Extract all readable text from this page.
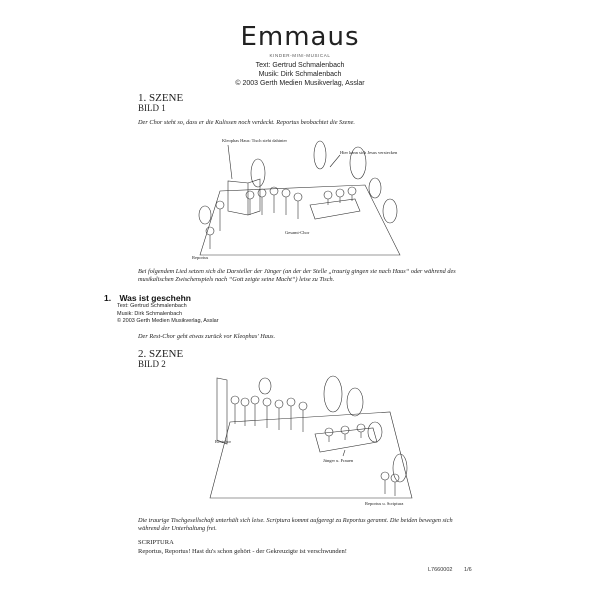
Emmaus
KINDER-MINI-MUSICAL
Text: Gertrud Schmalenbach
Musik: Dirk Schmalenbach
© 2003 Gerth Medien Musikverlag, Asslar
1. SZENE
BILD 1
Der Chor steht so, dass er die Kulissen noch verdeckt. Reportus beobachtet die Szene.
Kleophas Haus: Tisch steht dahinter
Hier kann sich Jesus verstecken
Gesamt-Chor
Reportus
Bei folgendem Lied setzen sich die Darsteller der Jünger (an der der Stelle „traurig gingen sie nach Haus“ oder während des musikalischen Zwischenspiels nach “Gott zeigte seine Macht“) leise zu Tisch.
1. Was ist geschehn
Text: Gertrud Schmalenbach
Musik: Dirk Schmalenbach
© 2003 Gerth Medien Musikverlag, Asslar
Der Rest-Chor geht etwas zurück vor Kleophas' Haus.
2. SZENE
BILD 2
Restchor
Jünger u. Frauen
Reportus u. Scriptura
Die traurige Tischgesellschaft unterhält sich leise. Scriptura kommt aufgeregt zu Reportus gerannt. Die beiden bewegen sich während der Unterhaltung frei.
SCRIPTURA
Reportus, Reportus! Hast du's schon gehört - der Gekreuzigte ist verschwunden!
L7660002 1/6
